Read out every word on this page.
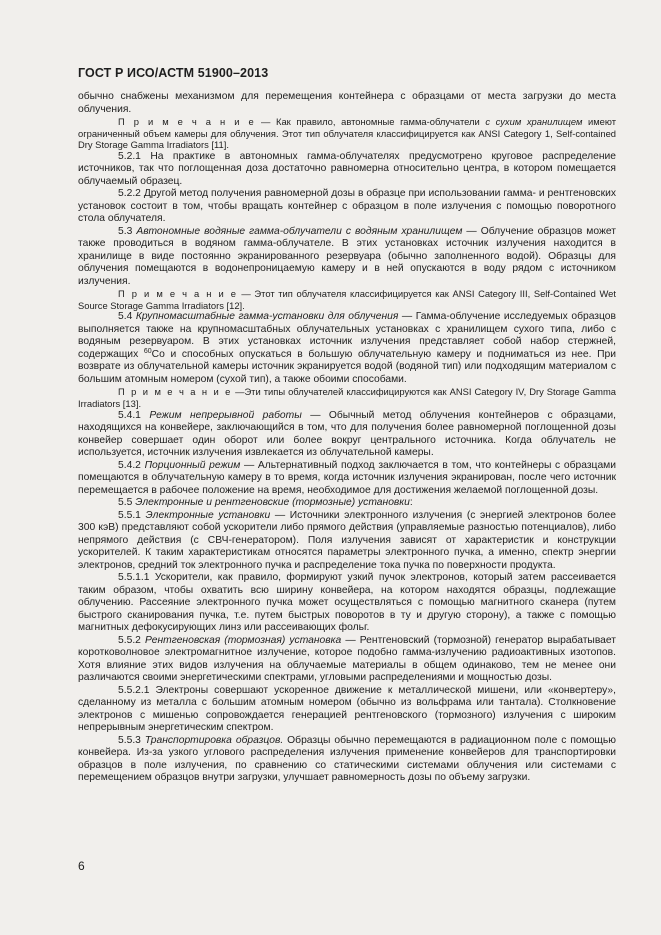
ГОСТ Р ИСО/АСТМ 51900–2013

обычно снабжены механизмом для перемещения контейнера с образцами от места загрузки до места облучения.

П р и м е ч а н и е — Как правило, автономные гамма-облучатели с сухим хранилищем имеют ограниченный объем камеры для облучения. Этот тип облучателя классифицируется как ANSI Category 1, Self-contained Dry Storage Gamma Irradiators [11].

5.2.1 На практике в автономных гамма-облучателях предусмотрено круговое распределение источников, так что поглощенная доза достаточно равномерна относительно центра, в котором помещается облучаемый образец.

5.2.2 Другой метод получения равномерной дозы в образце при использовании гамма- и рентгеновских установок состоит в том, чтобы вращать контейнер с образцом в поле излучения с помощью поворотного стола облучателя.

5.3 Автономные водяные гамма-облучатели с водяным хранилищем — Облучение образцов может также проводиться в водяном гамма-облучателе. В этих установках источник излучения находится в хранилище в виде постоянно экранированного резервуара (обычно заполненного водой). Образцы для облучения помещаются в водонепроницаемую камеру и в ней опускаются в воду рядом с источником излучения.

П р и м е ч а н и е — Этот тип облучателя классифицируется как ANSI Category III, Self-Contained Wet Source Storage Gamma Irradiators [12].

5.4 Крупномасштабные гамма-установки для облучения — Гамма-облучение исследуемых образцов выполняется также на крупномасштабных облучательных установках с хранилищем сухого типа, либо с водяным резервуаром. В этих установках источник излучения представляет собой набор стержней, содержащих $^{60}$Co и способных опускаться в большую облучательную камеру и подниматься из нее. При возврате из облучательной камеры источник экранируется водой (водяной тип) или подходящим материалом с большим атомным номером (сухой тип), а также обоими способами.

П р и м е ч а н и е —Эти типы облучателей классифицируются как ANSI Category IV, Dry Storage Gamma Irradiators [13].

5.4.1 Режим непрерывной работы — Обычный метод облучения контейнеров с образцами, находящихся на конвейере, заключающийся в том, что для получения более равномерной поглощенной дозы конвейер совершает один оборот или более вокруг центрального источника. Когда облучатель не используется, источник излучения извлекается из облучательной камеры.

5.4.2 Порционный режим — Альтернативный подход заключается в том, что контейнеры с образцами помещаются в облучательную камеру в то время, когда источник излучения экранирован, после чего источник перемещается в рабочее положение на время, необходимое для достижения желаемой поглощенной дозы.

5.5 Электронные и рентгеновские (тормозные) установки:

5.5.1 Электронные установки — Источники электронного излучения (с энергией электронов более 300 кэВ) представляют собой ускорители либо прямого действия (управляемые разностью потенциалов), либо непрямого действия (с СВЧ-генератором). Поля излучения зависят от характеристик и конструкции ускорителей. К таким характеристикам относятся параметры электронного пучка, а именно, спектр энергии электронов, средний ток электронного пучка и распределение тока пучка по поверхности продукта.

5.5.1.1 Ускорители, как правило, формируют узкий пучок электронов, который затем рассеивается таким образом, чтобы охватить всю ширину конвейера, на котором находятся образцы, подлежащие облучению. Рассеяние электронного пучка может осуществляться с помощью магнитного сканера (путем быстрого сканирования пучка, т.е. путем быстрых поворотов в ту и другую сторону), а также с помощью магнитных дефокусирующих линз или рассеивающих фольг.

5.5.2 Рентгеновская (тормозная) установка — Рентгеновский (тормозной) генератор вырабатывает коротковолновое электромагнитное излучение, которое подобно гамма-излучению радиоактивных изотопов. Хотя влияние этих видов излучения на облучаемые материалы в общем одинаково, тем не менее они различаются своими энергетическими спектрами, угловыми распределениями и мощностью дозы.

5.5.2.1 Электроны совершают ускоренное движение к металлической мишени, или «конвертеру», сделанному из металла с большим атомным номером (обычно из вольфрама или тантала). Столкновение электронов с мишенью сопровождается генерацией рентгеновского (тормозного) излучения с широким непрерывным энергетическим спектром.

5.5.3 Транспортировка образцов. Образцы обычно перемещаются в радиационном поле с помощью конвейера. Из-за узкого углового распределения излучения применение конвейеров для транспортировки образцов в поле излучения, по сравнению со статическими системами облучения или системами с перемещением образцов внутри загрузки, улучшает равномерность дозы по объему загрузки.

6
